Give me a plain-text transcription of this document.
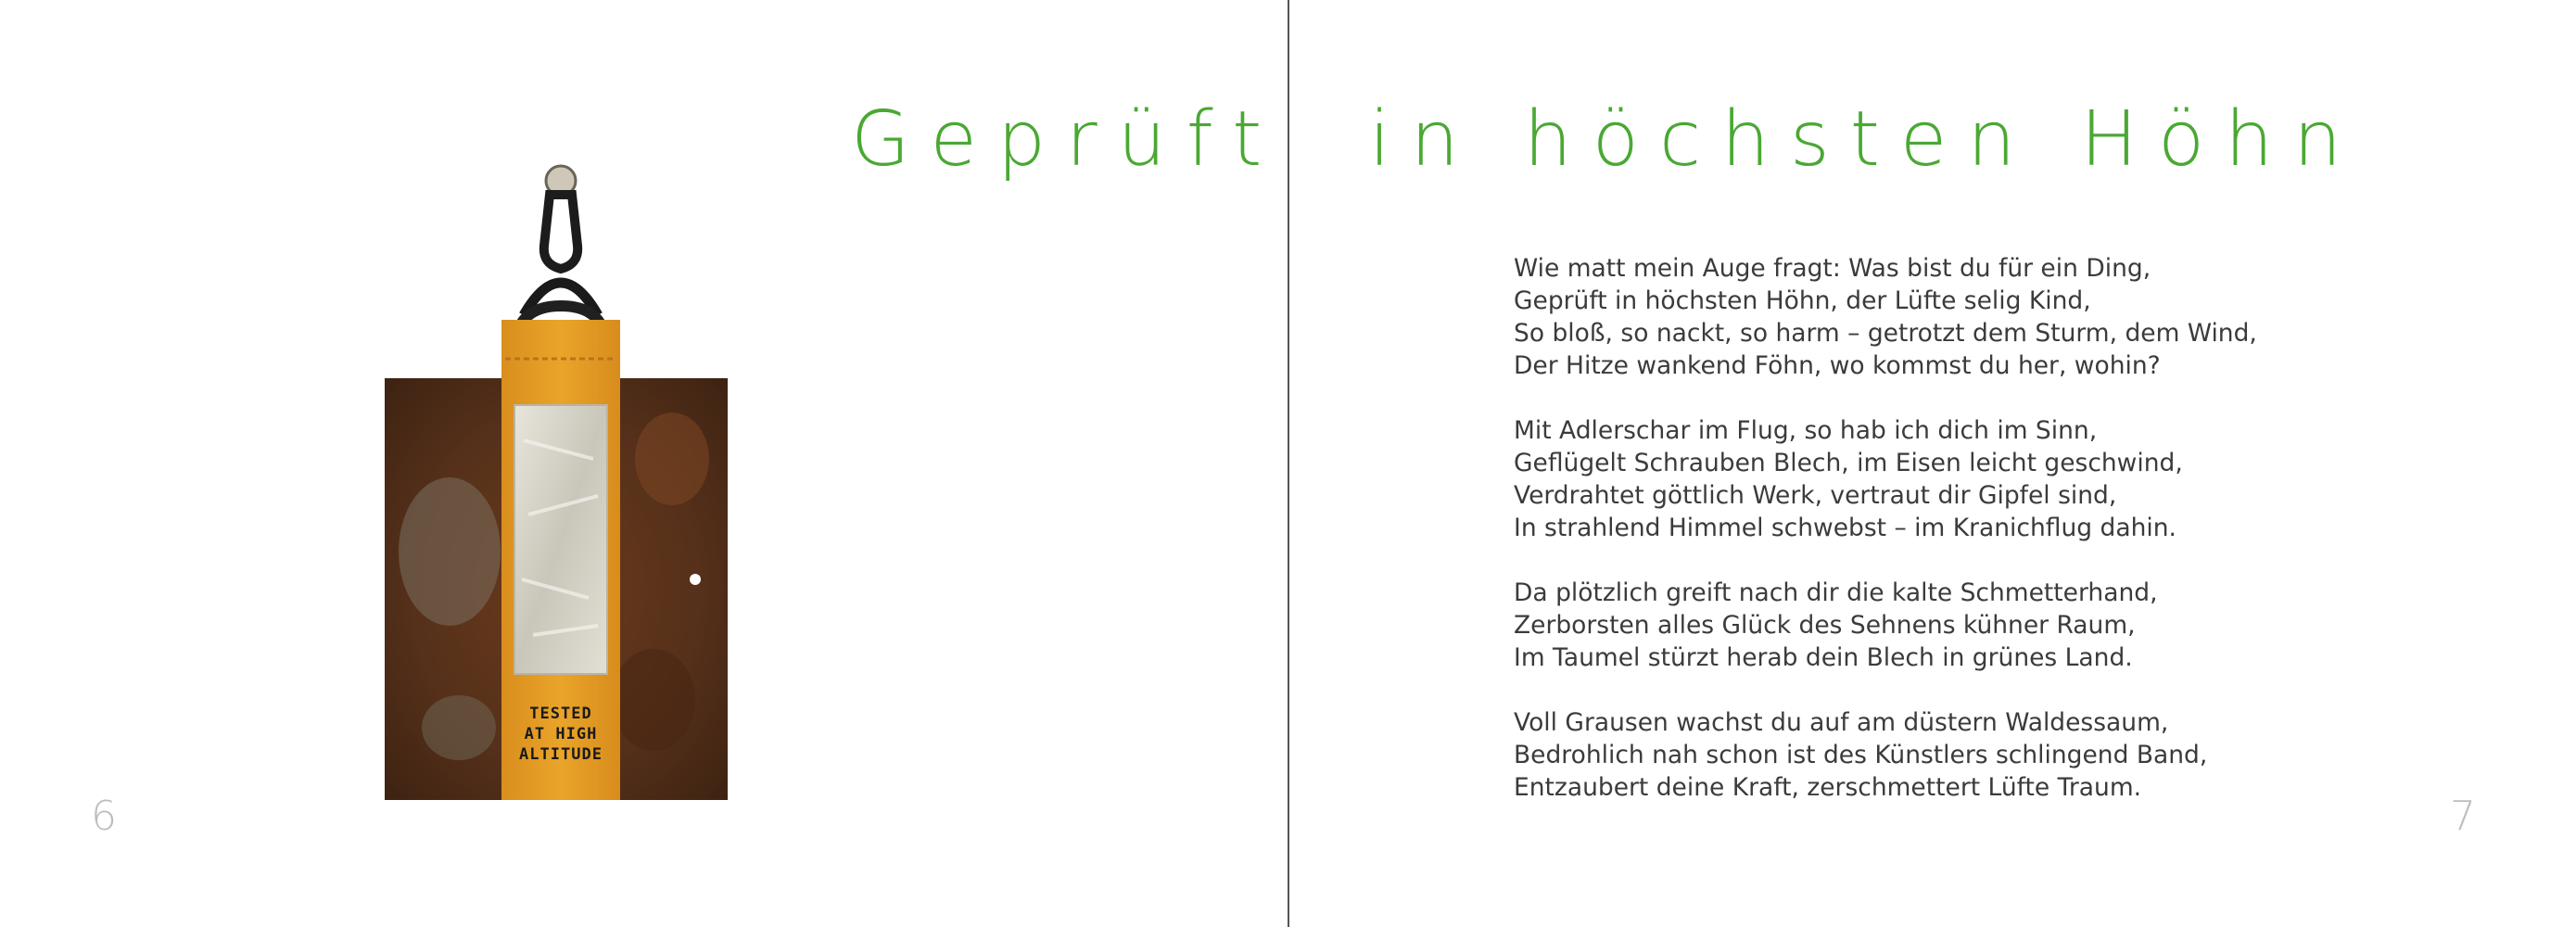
Geprüft
TESTED
AT HIGH
ALTITUDE
6
in höchsten Höhn
Wie matt mein Auge fragt: Was bist du für ein Ding,
Geprüft in höchsten Höhn, der Lüfte selig Kind,
So bloß, so nackt, so harm – getrotzt dem Sturm, dem Wind,
Der Hitze wankend Föhn, wo kommst du her, wohin?
Mit Adlerschar im Flug, so hab ich dich im Sinn,
Geflügelt Schrauben Blech, im Eisen leicht geschwind,
Verdrahtet göttlich Werk, vertraut dir Gipfel sind,
In strahlend Himmel schwebst – im Kranichflug dahin.
Da plötzlich greift nach dir die kalte Schmetterhand,
Zerborsten alles Glück des Sehnens kühner Raum,
Im Taumel stürzt herab dein Blech in grünes Land.
Voll Grausen wachst du auf am düstern Waldessaum,
Bedrohlich nah schon ist des Künstlers schlingend Band,
Entzaubert deine Kraft, zerschmettert Lüfte Traum.
7
